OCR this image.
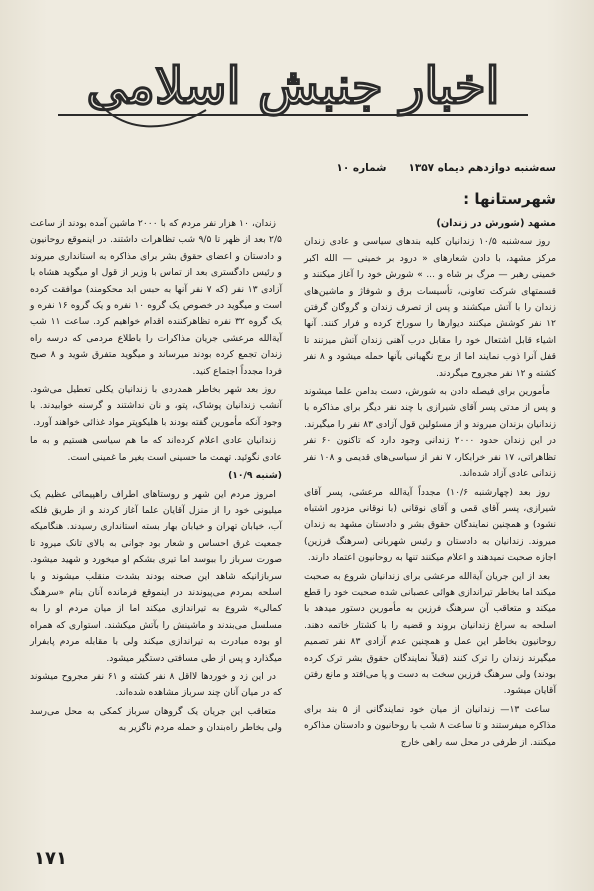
اخبار جنبش اسلامی
سه‌شنبه دوازدهم دیماه ۱۳۵۷
شماره ۱۰
شهرستانها :

مشهد (شورش در زندان)

روز سه‌شنبه ۱۰/۵ زندانیان کلیه بندهای سیاسی و عادی زندان مرکز مشهد، با دادن شعارهای « درود بر خمینی — الله اکبر خمینی رهبر — مرگ بر شاه و ... » شورش خود را آغاز میکنند و قسمتهای شرکت تعاونی، تأسیسات برق و شوفاژ و ماشین‌های زندان را با آتش میکشند و پس از تصرف زندان و گروگان گرفتن ۱۲ نفر کوشش میکنند دیوارها را سوراخ کرده و فرار کنند. آنها اشیاء قابل اشتعال خود را مقابل درب آهنی زندان آتش میزنند تا قفل آنرا ذوب نمایند اما از برج نگهبانی بآنها حمله میشود و ۸ نفر کشته و ۱۲ نفر مجروح میگردند.

مأمورین برای فیصله دادن به شورش، دست بدامن علما میشوند و پس از مدتی پسر آقای شیرازی با چند نفر دیگر برای مذاکره با زندانیان بزندان میروند و از مسئولین قول آزادی ۸۳ نفر را میگیرند. در این زندان حدود ۲۰۰۰ زندانی وجود دارد که تاکنون ۶۰ نفر تظاهراتی، ۱۷ نفر خرابکار، ۷ نفر از سیاسی‌های قدیمی و ۱۰۸ نفر زندانی عادی آزاد شده‌اند.

روز بعد (چهارشنبه ۱۰/۶) مجدداً آیةالله مرعشی، پسر آقای شیرازی، پسر آقای قمی و آقای نوقانی (با نوقانی مزدور اشتباه نشود) و همچنین نمایندگان حقوق بشر و دادستان مشهد به زندان میروند. زندانیان به دادستان و رئیس شهربانی (سرهنگ فرزین) اجازه صحبت نمیدهند و اعلام میکنند تنها به روحانیون اعتماد دارند.

بعد از این جریان آیةالله مرعشی برای زندانیان شروع به صحبت میکند اما بخاطر تیراندازی هوائی عصبانی شده صحبت خود را قطع میکند و متعاقب آن سرهنگ فرزین به مأمورین دستور میدهد با اسلحه به سراغ زندانیان بروند و قضیه را با کشتار خاتمه دهند. روحانیون بخاطر این عمل و همچنین عدم آزادی ۸۳ نفر تصمیم میگیرند زندان را ترک کنند (قبلاً نمایندگان حقوق بشر ترک کرده بودند) ولی سرهنگ فرزین سخت به دست و پا می‌افتد و مانع رفتن آقایان میشود.

ساعت ۱۳— زندانیان از میان خود نمایندگانی از ۵ بند برای مذاکره میفرستند و تا ساعت ۸ شب با روحانیون و دادستان مذاکره میکنند. از طرفی در محل سه راهی خارج

زندان، ۱۰ هزار نفر مردم که با ۲۰۰۰ ماشین آمده بودند از ساعت ۲/۵ بعد از ظهر تا ۹/۵ شب تظاهرات داشتند. در اینموقع روحانیون و دادستان و اعضای حقوق بشر برای مذاکره به استانداری میروند و رئیس دادگستری بعد از تماس با وزیر از قول او میگوید هشاه با آزادی ۱۳ نفر (که ۷ نفر آنها به حبس ابد محکومند) موافقت کرده است و میگوید در خصوص یک گروه ۱۰ نفره و یک گروه ۱۶ نفره و یک گروه ۳۲ نفره تظاهرکننده اقدام خواهیم کرد. ساعت ۱۱ شب آیةالله مرعشی جریان مذاکرات را باطلاع مردمی که درسه راه زندان تجمع کرده بودند میرساند و میگوید متفرق شوید و ۸ صبح فردا مجدداً اجتماع کنید.

روز بعد شهر بخاطر همدردی با زندانیان یکلی تعطیل می‌شود. آنشب زندانیان پوشاک، پتو، و نان نداشتند و گرسنه خوابیدند. با وجود آنکه مأمورین گفته بودند با هلیکوپتر مواد غذائی خواهند آورد.

زندانیان عادی اعلام کرده‌اند که ما هم سیاسی هستیم و به ما عادی نگوئید. تهمت ما حسینی است بغیر ما غمینی است.

(شنبه ۱۰/۹)

امروز مردم این شهر و روستاهای اطراف راهپیمائی عظیم یک میلیونی خود را از منزل آقایان علما آغاز کردند و از طریق فلکه آب، خیابان تهران و خیابان بهار بسته استانداری رسیدند. هنگامیکه جمعیت غرق احساس و شعار بود جوانی به بالای تانک میرود تا صورت سرباز را ببوسد اما تیری بشکم او میخورد و شهید میشود. سربازانیکه شاهد این صحنه بودند بشدت منقلب میشوند و با اسلحه بمردم می‌پیوندند در اینموقع فرمانده آنان بنام «سرهنگ کمالی» شروع به تیراندازی میکند اما از میان مردم او را به مسلسل می‌بندند و ماشینش را بآتش میکشند. استواری که همراه او بوده مبادرت به تیراندازی میکند ولی با مقابله مردم پابفرار میگذارد و پس از طی مسافتی دستگیر میشود.

در این زد و خوردها لااقل ۸ نفر کشته و ۶۱ نفر مجروح میشوند که در میان آنان چند سرباز مشاهده شده‌اند.

متعاقب این جریان یک گروهان سرباز کمکی به محل می‌رسد ولی بخاطر راه‌بندان و حمله مردم ناگزیر به

۱۷۱
